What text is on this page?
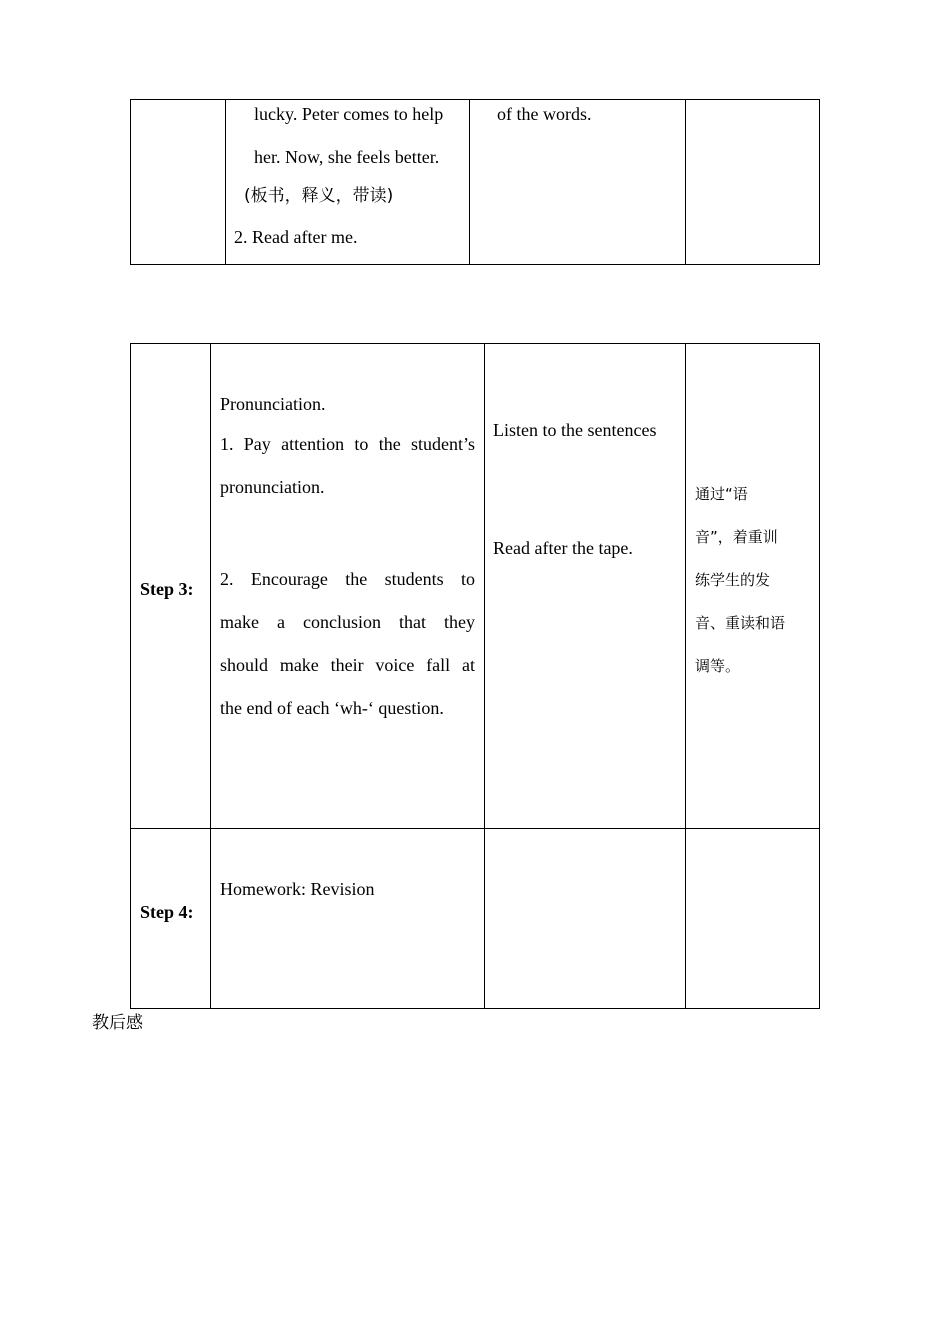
lucky. Peter comes to help
her. Now, she feels better.
(板书，释义，带读)
2. Read after me.
of the words.
Step 3:
Pronunciation.
1. Pay attention to the student’s
pronunciation.
2. Encourage the students to
make a conclusion that they
should make their voice fall at
the end of each ‘wh-‘ question.
Listen to the sentences
Read after the tape.
通过“语
音”，着重训
练学生的发
音、重读和语
调等。
Step 4:
Homework: Revision
教后感
